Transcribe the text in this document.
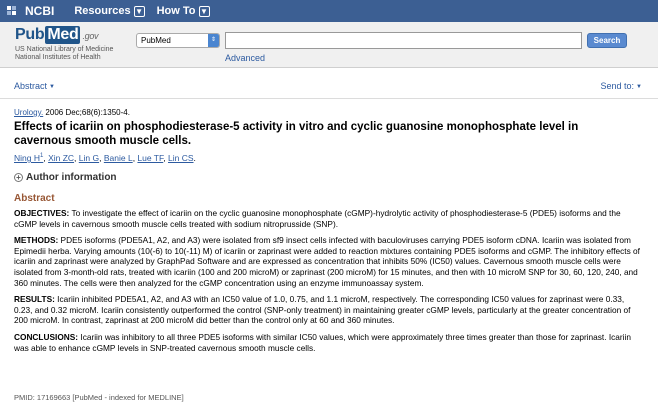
NCBI Resources ▼ How To ▼
Pub Med .gov
US National Library of Medicine
National Institutes of Health
PubMed	⇕	Search
Advanced
Abstract ▼	Send to: ▼
Urology. 2006 Dec;68(6):1350-4.
Effects of icariin on phosphodiesterase-5 activity in vitro and cyclic guanosine monophosphate level in cavernous smooth muscle cells.
Ning $H^1$, Xin ZC, Lin G, Banie L, Lue TF, Lin CS.
+ Author information
Abstract

OBJECTIVES: To investigate the effect of icariin on the cyclic guanosine monophosphate (cGMP)-hydrolytic activity of phosphodiesterase-5 (PDE5) isoforms and the cGMP levels in cavernous smooth muscle cells treated with sodium nitroprusside (SNP).

METHODS: PDE5 isoforms (PDE5A1, A2, and A3) were isolated from sf9 insect cells infected with baculoviruses carrying PDE5 isoform cDNA. Icariin was isolated from Epimedii herba. Varying amounts (10(-6) to 10(-11) M) of icariin or zaprinast were added to reaction mixtures containing PDE5 isoforms and cGMP. The inhibitory effects of icariin and zaprinast were analyzed by GraphPad Software and are expressed as concentration that inhibits 50% (IC50) values. Cavernous smooth muscle cells were isolated from 3-month-old rats, treated with icariin (100 and 200 microM) or zaprinast (200 microM) for 15 minutes, and then with 10 microM SNP for 30, 60, 120, 240, and 360 minutes. The cells were then analyzed for the cGMP concentration using an enzyme immunoassay system.

RESULTS: Icariin inhibited PDE5A1, A2, and A3 with an IC50 value of 1.0, 0.75, and 1.1 microM, respectively. The corresponding IC50 values for zaprinast were 0.33, 0.23, and 0.32 microM. Icariin consistently outperformed the control (SNP-only treatment) in maintaining greater cGMP levels, particularly at the greater concentration of 200 microM. In contrast, zaprinast at 200 microM did better than the control only at 60 and 360 minutes.

CONCLUSIONS: Icariin was inhibitory to all three PDE5 isoforms with similar IC50 values, which were approximately three times greater than those for zaprinast. Icariin was able to enhance cGMP levels in SNP-treated cavernous smooth muscle cells.

PMID: 17169663 [PubMed - indexed for MEDLINE]
